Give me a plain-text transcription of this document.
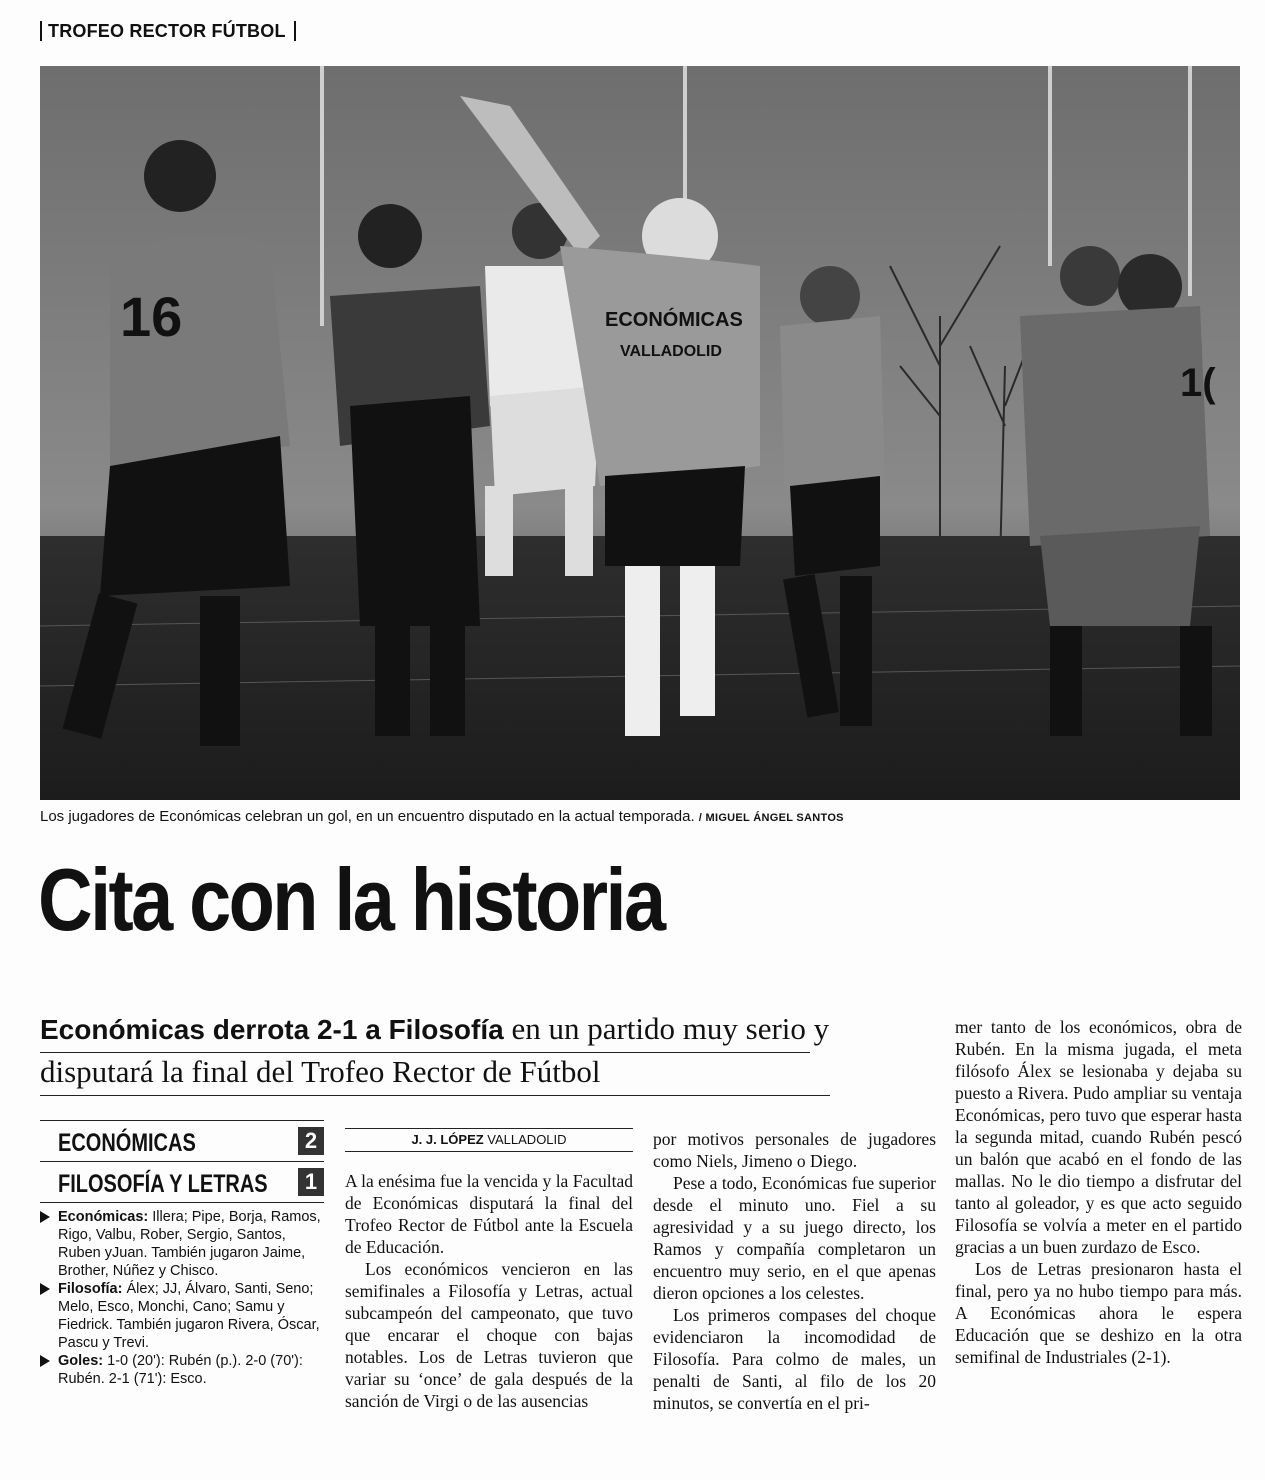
TROFEO RECTOR FÚTBOL
16	ECONÓMICAS
VALLADOLID
1(
Los jugadores de Económicas celebran un gol, en un encuentro disputado en la actual temporada. / MIGUEL ÁNGEL SANTOS
Cita con la historia
Económicas derrota 2-1 a Filosofía en un partido muy serio y disputará la final del Trofeo Rector de Fútbol
ECONÓMICAS	2
FILOSOFÍA Y LETRAS	1

Económicas: Illera; Pipe, Borja, Ramos, Rigo, Valbu, Rober, Sergio, Santos, Ruben yJuan. También jugaron Jaime, Brother, Núñez y Chisco.

Filosofía: Álex; JJ, Álvaro, Santi, Seno; Melo, Esco, Monchi, Cano; Samu y Fiedrick. También jugaron Rivera, Óscar, Pascu y Trevi.

Goles: 1-0 (20'): Rubén (p.). 2-0 (70'): Rubén. 2-1 (71'): Esco.

J. J. LÓPEZ VALLADOLID

A la enésima fue la vencida y la Facultad de Económicas disputará la final del Trofeo Rector de Fútbol ante la Escuela de Educación.

Los económicos vencieron en las semifinales a Filosofía y Letras, actual subcampeón del campeonato, que tuvo que encarar el choque con bajas notables. Los de Letras tuvieron que variar su ‘once’ de gala después de la sanción de Virgi o de las ausencias

por motivos personales de jugadores como Niels, Jimeno o Diego.

Pese a todo, Económicas fue superior desde el minuto uno. Fiel a su agresividad y a su juego directo, los Ramos y compañía completaron un encuentro muy serio, en el que apenas dieron opciones a los celestes.

Los primeros compases del choque evidenciaron la incomodidad de Filosofía. Para colmo de males, un penalti de Santi, al filo de los 20 minutos, se convertía en el pri-

mer tanto de los económicos, obra de Rubén. En la misma jugada, el meta filósofo Álex se lesionaba y dejaba su puesto a Rivera. Pudo ampliar su ventaja Económicas, pero tuvo que esperar hasta la segunda mitad, cuando Rubén pescó un balón que acabó en el fondo de las mallas. No le dio tiempo a disfrutar del tanto al goleador, y es que acto seguido Filosofía se volvía a meter en el partido gracias a un buen zurdazo de Esco.

Los de Letras presionaron hasta el final, pero ya no hubo tiempo para más. A Económicas ahora le espera Educación que se deshizo en la otra semifinal de Industriales (2-1).
